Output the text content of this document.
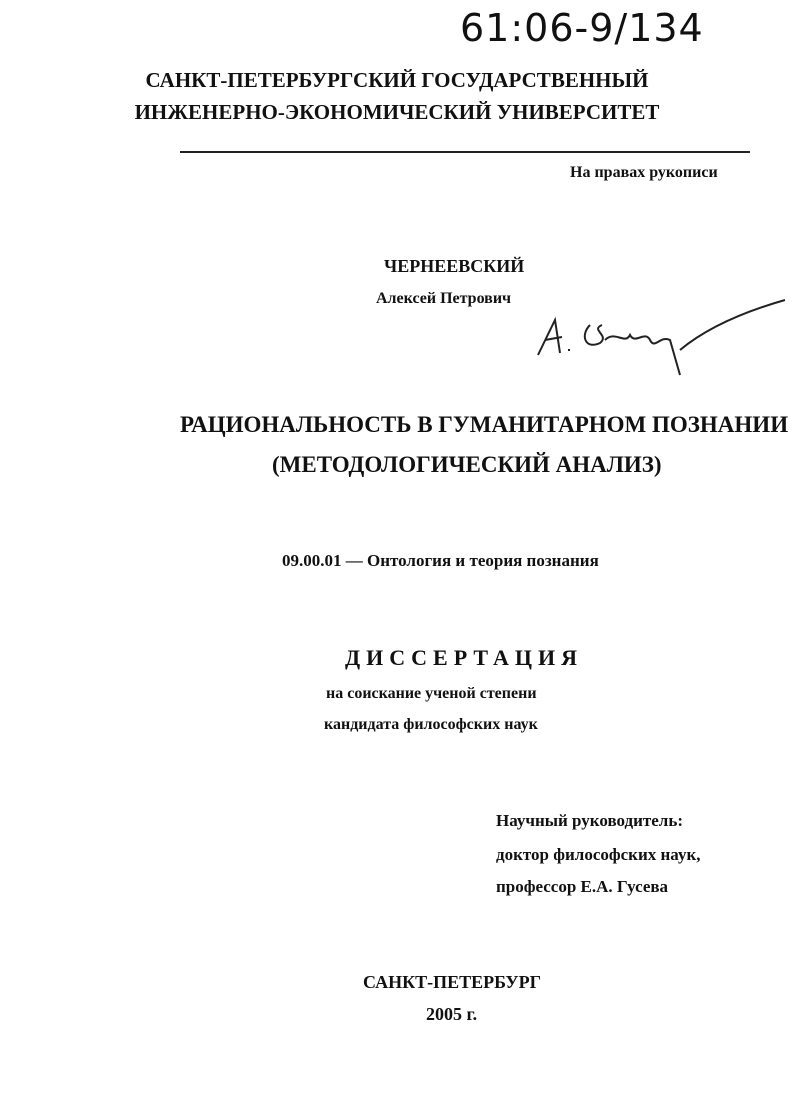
61:06-9/134
САНКТ-ПЕТЕРБУРГСКИЙ ГОСУДАРСТВЕННЫЙ
ИНЖЕНЕРНО-ЭКОНОМИЧЕСКИЙ УНИВЕРСИТЕТ
На правах рукописи
ЧЕРНЕЕВСКИЙ
Алексей Петрович
РАЦИОНАЛЬНОСТЬ В ГУМАНИТАРНОМ ПОЗНАНИИ
(МЕТОДОЛОГИЧЕСКИЙ АНАЛИЗ)
09.00.01 — Онтология и теория познания
ДИССЕРТАЦИЯ
на соискание ученой степени
кандидата философских наук
Научный руководитель:
доктор философских наук,
профессор Е.А. Гусева
САНКТ-ПЕТЕРБУРГ
2005 г.
